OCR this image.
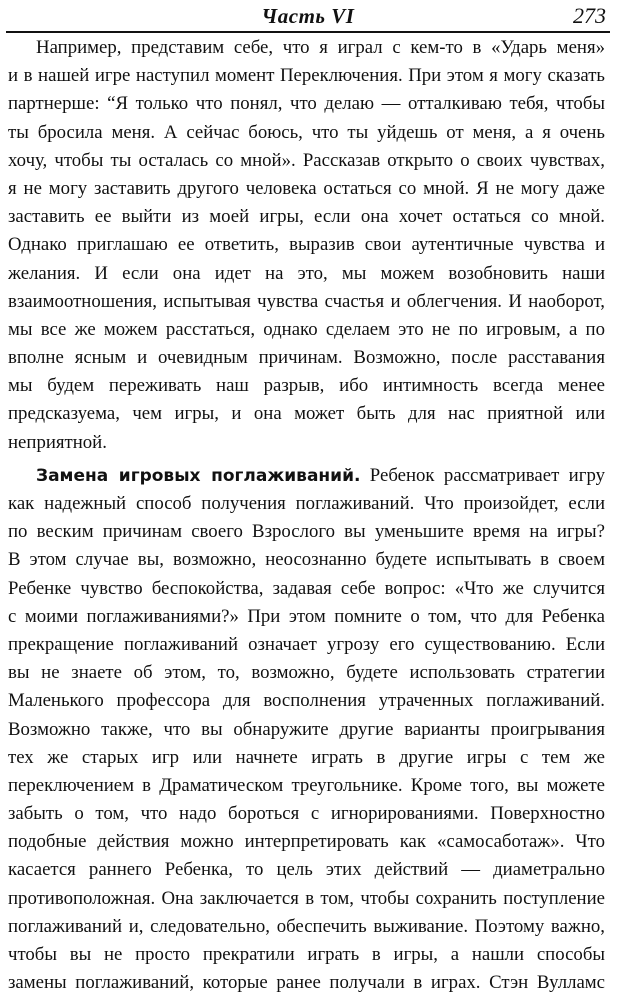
Часть VI	273
Например, представим себе, что я играл с кем-то в «Ударь меня»
и в нашей игре наступил момент Переключения. При этом я могу сказать
партнерше: “Я только что понял, что делаю — отталкиваю тебя, чтобы
ты бросила меня. А сейчас боюсь, что ты уйдешь от меня, а я очень
хочу, чтобы ты осталась со мной». Рассказав открыто о своих чувствах,
я не могу заставить другого человека остаться со мной. Я не могу даже
заставить ее выйти из моей игры, если она хочет остаться со мной.
Однако приглашаю ее ответить, выразив свои аутентичные чувства и
желания. И если она идет на это, мы можем возобновить наши
взаимоотношения, испытывая чувства счастья и облегчения. И наоборот,
мы все же можем расстаться, однако сделаем это не по игровым, а по
вполне ясным и очевидным причинам. Возможно, после расставания
мы будем переживать наш разрыв, ибо интимность всегда менее
предсказуема, чем игры, и она может быть для нас приятной или
неприятной.
Замена игровых поглаживаний. Ребенок рассматривает игру
как надежный способ получения поглаживаний. Что произойдет, если
по веским причинам своего Взрослого вы уменьшите время на игры?
В этом случае вы, возможно, неосознанно будете испытывать в своем
Ребенке чувство беспокойства, задавая себе вопрос: «Что же случится
с моими поглаживаниями?» При этом помните о том, что для Ребенка
прекращение поглаживаний означает угрозу его существованию. Если
вы не знаете об этом, то, возможно, будете использовать стратегии
Маленького профессора для восполнения утраченных поглаживаний.
Возможно также, что вы обнаружите другие варианты проигрывания
тех же старых игр или начнете играть в другие игры с тем же
переключением в Драматическом треугольнике. Кроме того, вы можете
забыть о том, что надо бороться с игнорированиями. Поверхностно
подобные действия можно интерпретировать как «самосаботаж». Что
касается раннего Ребенка, то цель этих действий — диаметрально
противоположная. Она заключается в том, чтобы сохранить поступление
поглаживаний и, следовательно, обеспечить выживание. Поэтому важно,
чтобы вы не просто прекратили играть в игры, а нашли способы
замены поглаживаний, которые ранее получали в играх. Стэн Вулламс
